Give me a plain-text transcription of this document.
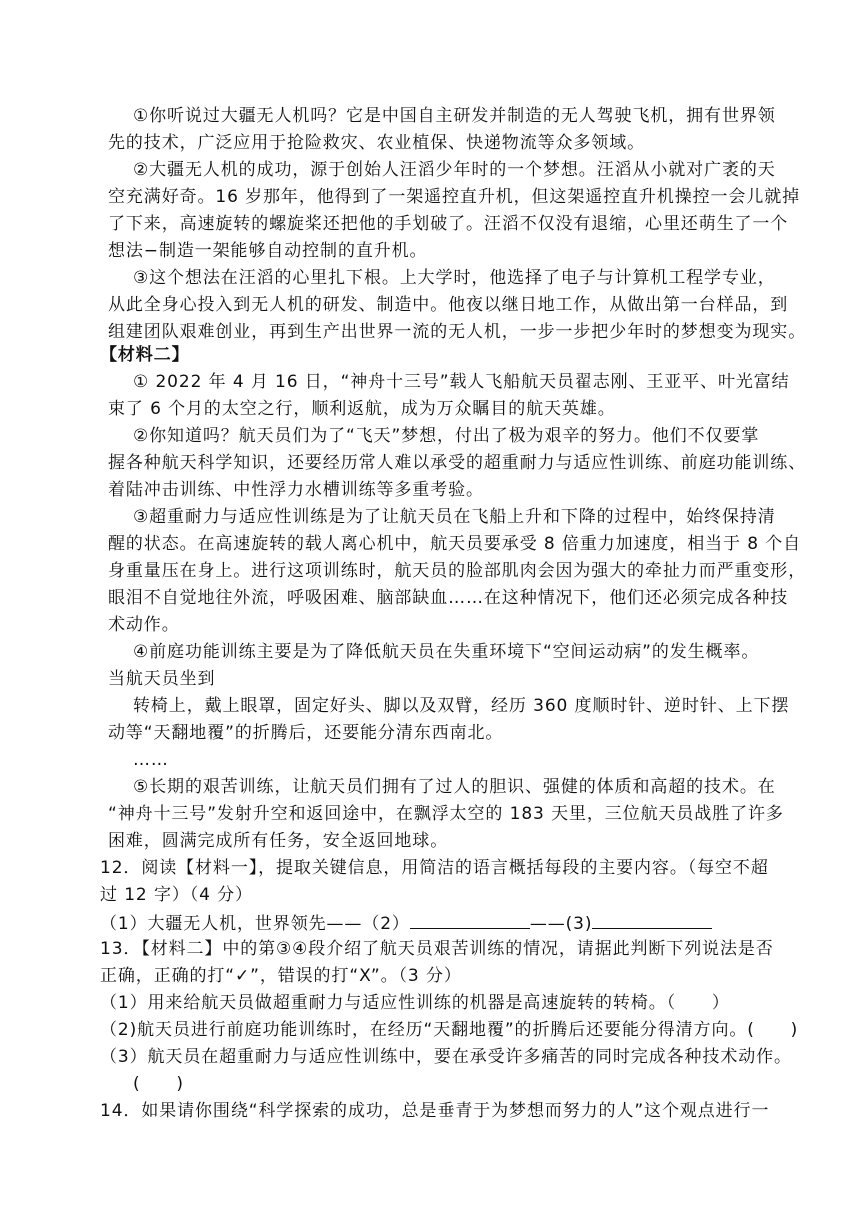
①你听说过大疆无人机吗？它是中国自主研发并制造的无人驾驶飞机，拥有世界领
先的技术，广泛应用于抢险救灾、农业植保、快递物流等众多领域。
②大疆无人机的成功，源于创始人汪滔少年时的一个梦想。汪滔从小就对广袤的天
空充满好奇。16 岁那年，他得到了一架遥控直升机，但这架遥控直升机操控一会儿就掉
了下来，高速旋转的螺旋桨还把他的手划破了。汪滔不仅没有退缩，心里还萌生了一个
想法−制造一架能够自动控制的直升机。
③这个想法在汪滔的心里扎下根。上大学时，他选择了电子与计算机工程学专业，
从此全身心投入到无人机的研发、制造中。他夜以继日地工作，从做出第一台样品，到
组建团队艰难创业，再到生产出世界一流的无人机，一步一步把少年时的梦想变为现实。
【材料二】
① 2022 年 4 月 16 日，“神舟十三号”载人飞船航天员翟志刚、王亚平、叶光富结
束了 6 个月的太空之行，顺利返航，成为万众瞩目的航天英雄。
②你知道吗？航天员们为了“飞天”梦想，付出了极为艰辛的努力。他们不仅要掌
握各种航天科学知识，还要经历常人难以承受的超重耐力与适应性训练、前庭功能训练、
着陆冲击训练、中性浮力水槽训练等多重考验。
③超重耐力与适应性训练是为了让航天员在飞船上升和下降的过程中，始终保持清
醒的状态。在高速旋转的载人离心机中，航天员要承受 8 倍重力加速度，相当于 8 个自
身重量压在身上。进行这项训练时，航天员的脸部肌肉会因为强大的牵扯力而严重变形，
眼泪不自觉地往外流，呼吸困难、脑部缺血……在这种情况下，他们还必须完成各种技
术动作。
④前庭功能训练主要是为了降低航天员在失重环境下“空间运动病”的发生概率。
当航天员坐到
转椅上，戴上眼罩，固定好头、脚以及双臂，经历 360 度顺时针、逆时针、上下摆
动等“天翻地覆”的折腾后，还要能分清东西南北。
……
⑤长期的艰苦训练，让航天员们拥有了过人的胆识、强健的体质和高超的技术。在
“神舟十三号”发射升空和返回途中，在飘浮太空的 183 天里，三位航天员战胜了许多
困难，圆满完成所有任务，安全返回地球。
12．阅读【材料一】，提取关键信息，用简洁的语言概括每段的主要内容。（每空不超
过 12 字）（4 分）
（1）大疆无人机，世界领先——（2）	——(3)
13．【材料二】中的第③④段介绍了航天员艰苦训练的情况，请据此判断下列说法是否
正确，正确的打“✓”，错误的打“X”。（3 分）
（1）用来给航天员做超重耐力与适应性训练的机器是高速旋转的转椅。（　　）
（2)航天员进行前庭功能训练时，在经历“天翻地覆”的折腾后还要能分得清方向。(　　)
（3）航天员在超重耐力与适应性训练中，要在承受许多痛苦的同时完成各种技术动作。
(　　)
14．如果请你围绕“科学探索的成功，总是垂青于为梦想而努力的人”这个观点进行一
